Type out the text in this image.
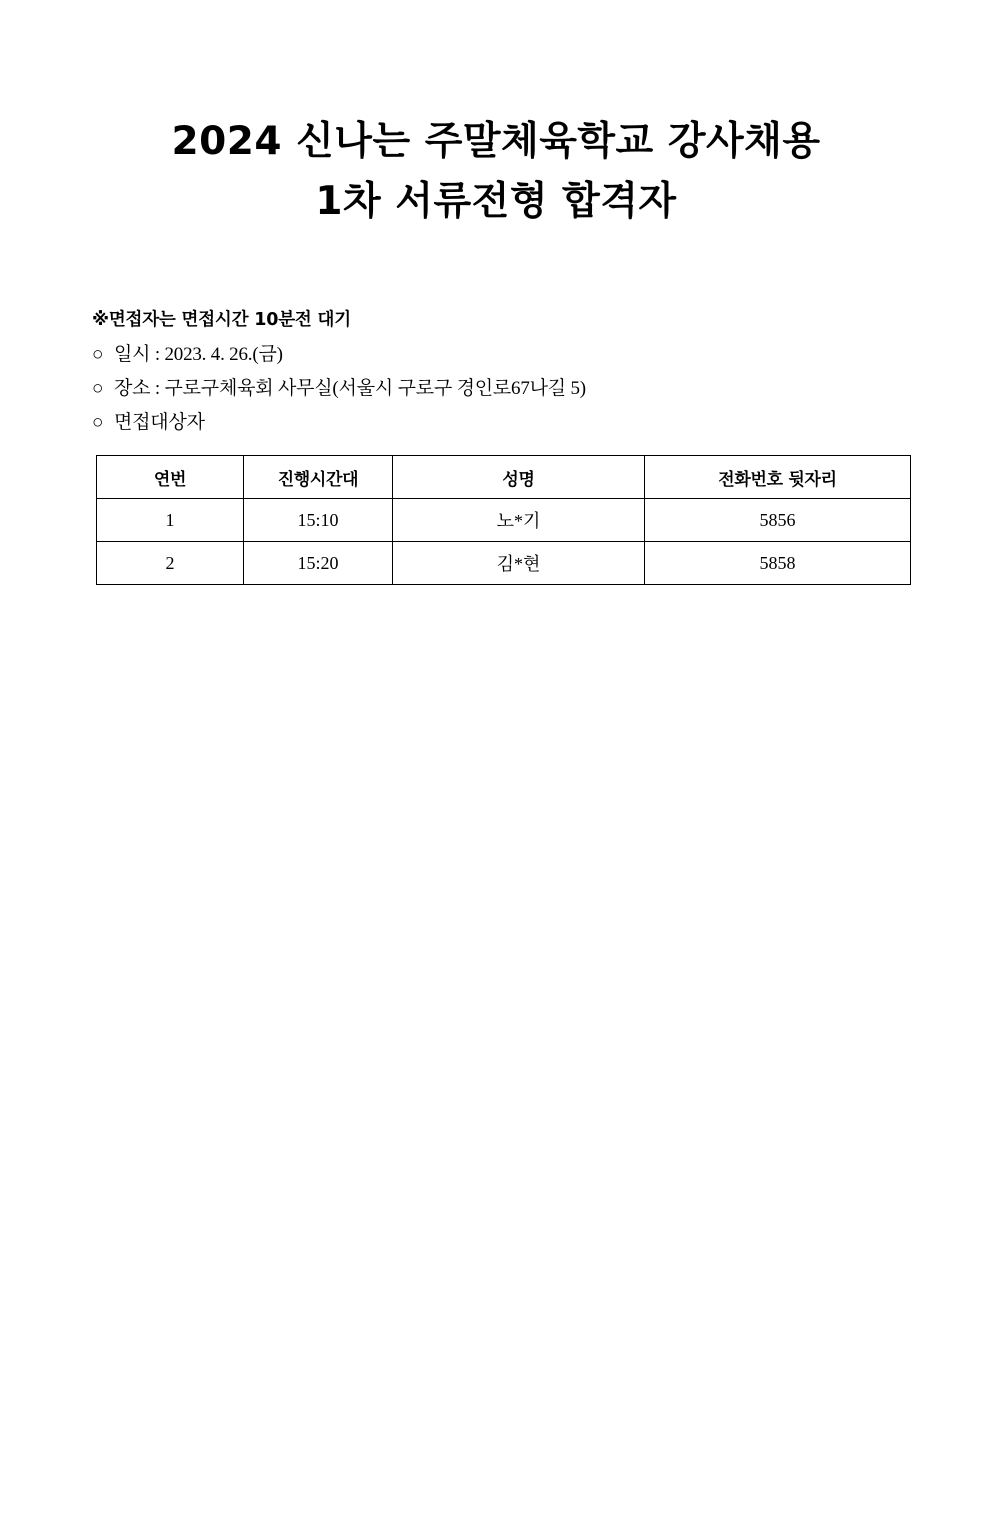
2024 신나는 주말체육학교 강사채용
1차 서류전형 합격자
※면접자는 면접시간 10분전 대기
○ 일시 : 2023. 4. 26.(금)
○ 장소 : 구로구체육회 사무실(서울시 구로구 경인로67나길 5)
○ 면접대상자
연번	진행시간대	성명	전화번호 뒷자리
1	15:10	노*기	5856
2	15:20	김*현	5858
